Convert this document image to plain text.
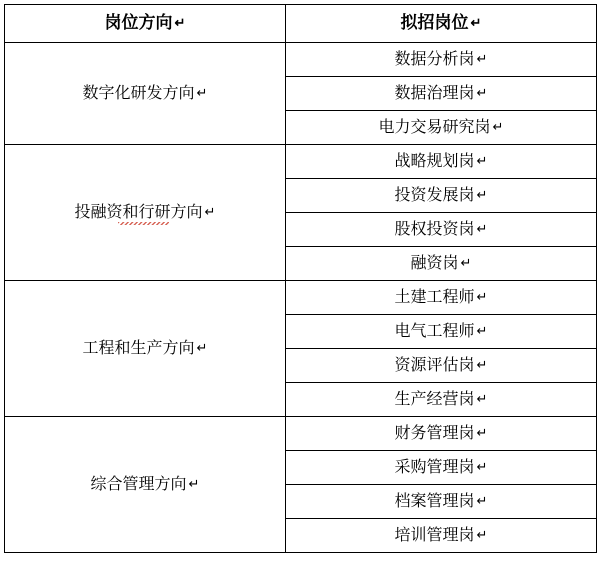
岗位方向 ↵	拟招岗位 ↵

数字化研发方向 ↵	数据分析岗 ↵

	数据治理岗 ↵

	电力交易研究岗 ↵

投融资和行研方向 ↵	战略规划岗 ↵

	投资发展岗 ↵

	股权投资岗 ↵

	融资岗 ↵

工程和生产方向 ↵	土建工程师 ↵

	电气工程师 ↵

	资源评估岗 ↵

	生产经营岗 ↵

综合管理方向 ↵	财务管理岗 ↵

	采购管理岗 ↵

	档案管理岗 ↵

	培训管理岗 ↵
